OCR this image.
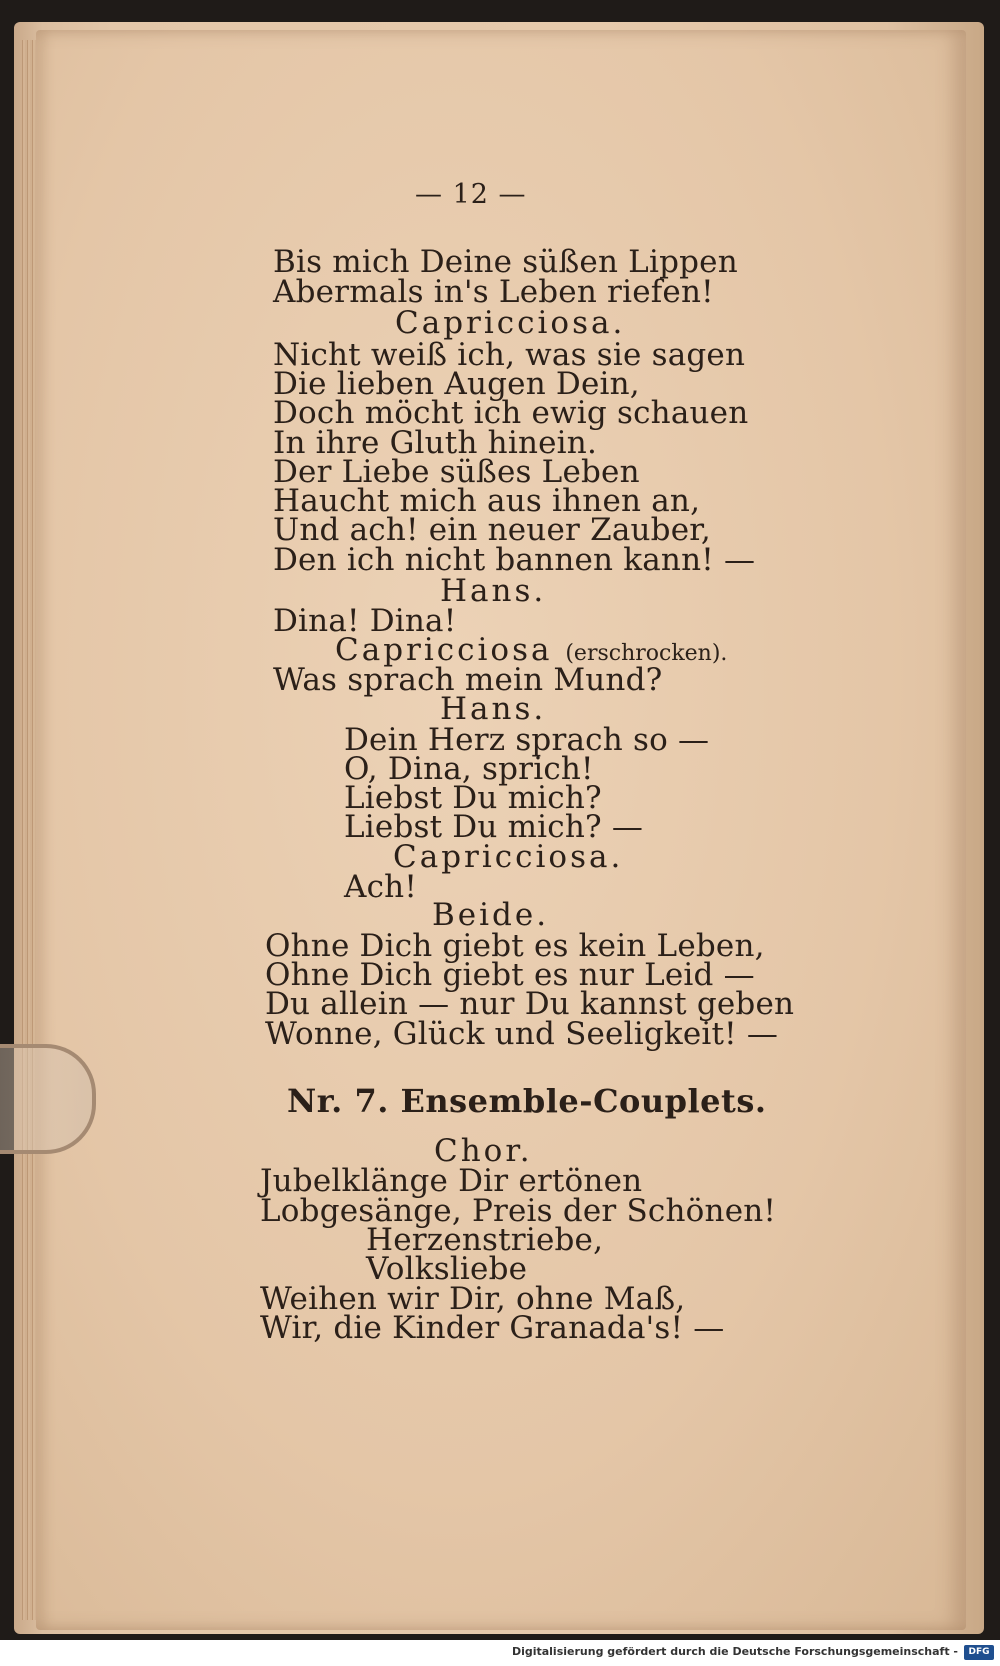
— 12 —
Bis mich Deine süßen Lippen
Abermals in's Leben riefen!
Capricciosa.
Nicht weiß ich, was sie sagen
Die lieben Augen Dein,
Doch möcht ich ewig schauen
In ihre Gluth hinein.
Der Liebe süßes Leben
Haucht mich aus ihnen an,
Und ach! ein neuer Zauber,
Den ich nicht bannen kann! —
Hans.
Dina! Dina!
Capricciosa (erschrocken).
Was sprach mein Mund?
Hans.
Dein Herz sprach so —
O, Dina, sprich!
Liebst Du mich?
Liebst Du mich? —
Capricciosa.
Ach!
Beide.
Ohne Dich giebt es kein Leben,
Ohne Dich giebt es nur Leid —
Du allein — nur Du kannst geben
Wonne, Glück und Seeligkeit! —
Nr. 7. Ensemble-Couplets.
Chor.
Jubelklänge Dir ertönen
Lobgesänge, Preis der Schönen!
Herzenstriebe,
Volksliebe
Weihen wir Dir, ohne Maß,
Wir, die Kinder Granada's! —
Digitalisierung gefördert durch die Deutsche Forschungsgemeinschaft -	DFG
